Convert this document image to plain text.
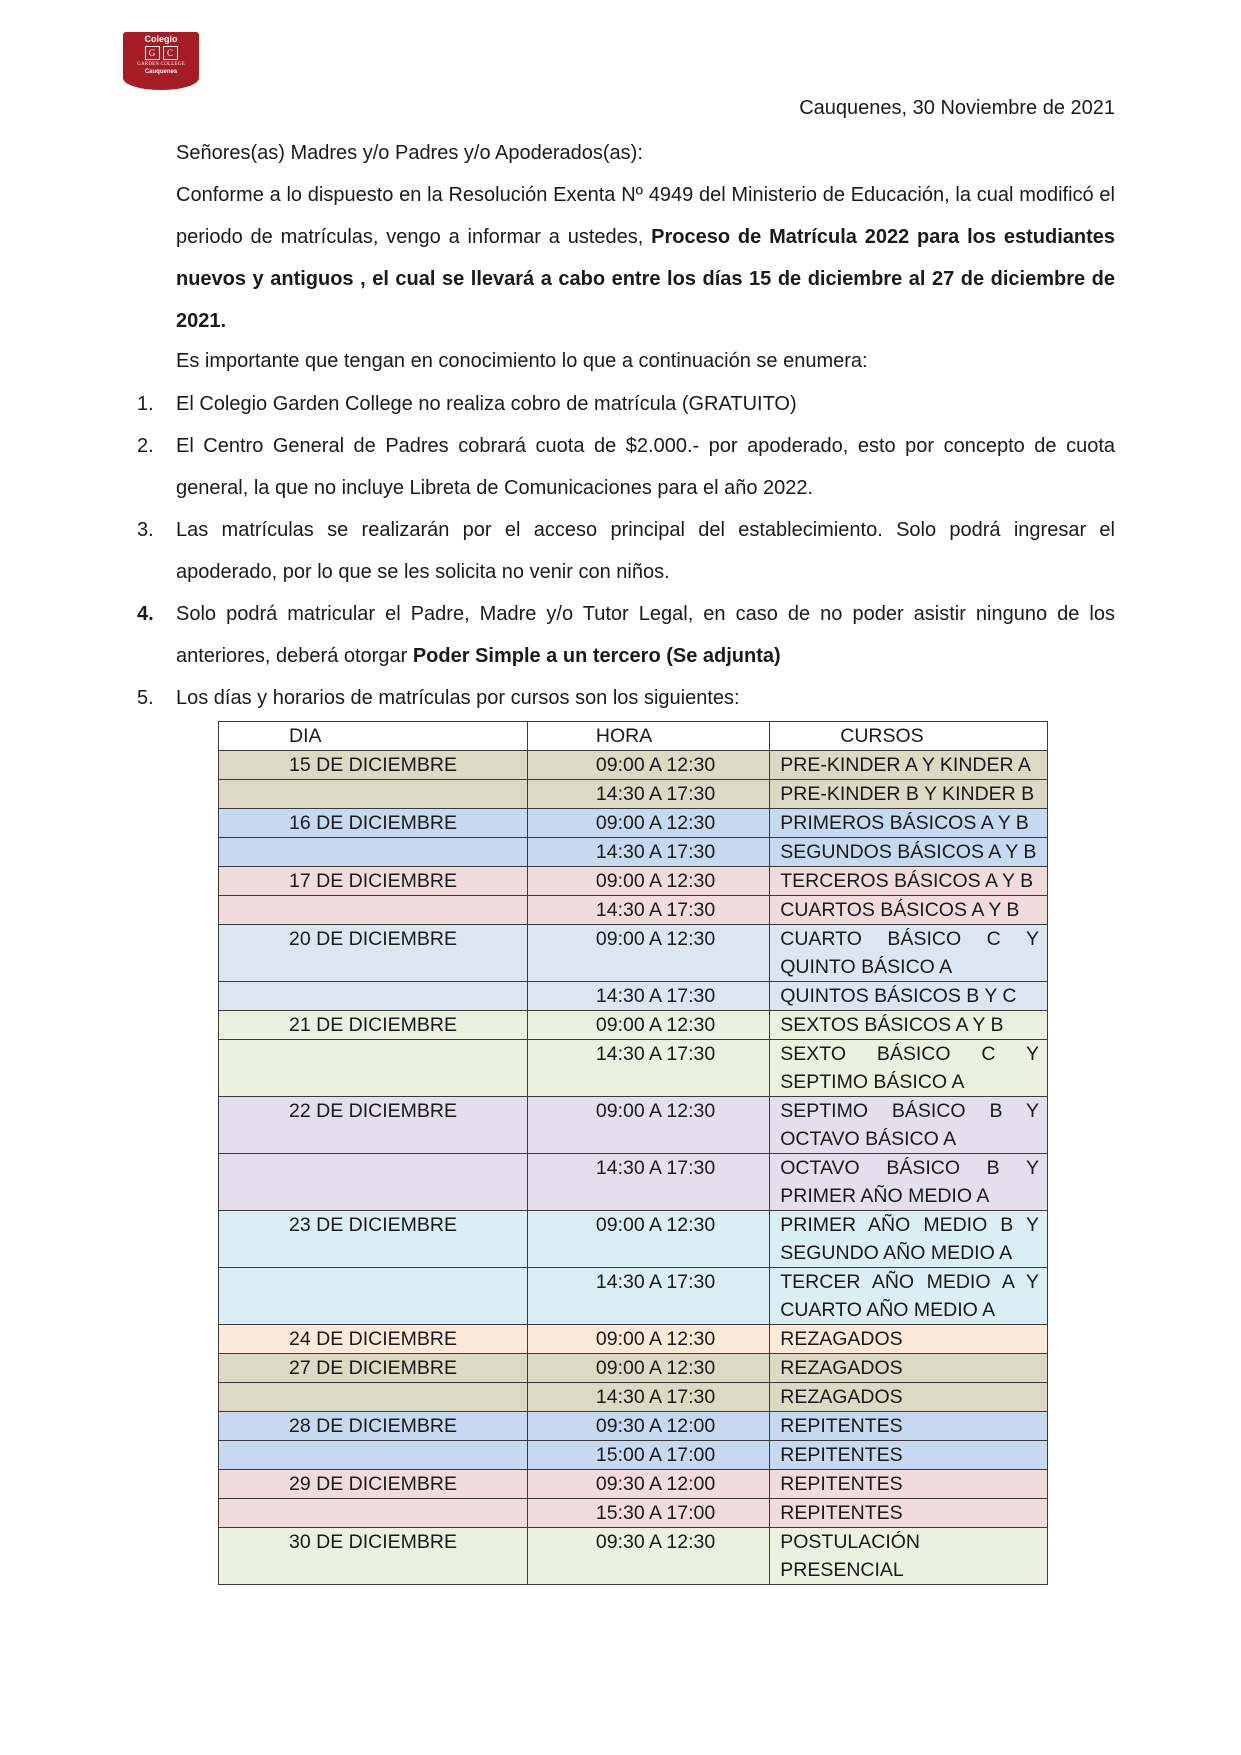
Colegio
G	C
GARDEN COLLEGE
Cauquenes
Cauquenes, 30 Noviembre de 2021
Señores(as) Madres y/o Padres y/o Apoderados(as):
Conforme a lo dispuesto en la Resolución Exenta Nº 4949 del Ministerio de Educación, la cual modificó el periodo de matrículas, vengo a informar a ustedes, Proceso de Matrícula 2022 para los estudiantes nuevos y antiguos , el cual se llevará a cabo entre los días 15 de diciembre al 27 de diciembre de 2021.
Es importante que tengan en conocimiento lo que a continuación se enumera:
1. El Colegio Garden College no realiza cobro de matrícula (GRATUITO)
2. El Centro General de Padres cobrará cuota de $2.000.- por apoderado, esto por concepto de cuota general, la que no incluye Libreta de Comunicaciones para el año 2022.
3. Las matrículas se realizarán por el acceso principal del establecimiento. Solo podrá ingresar el apoderado, por lo que se les solicita no venir con niños.
4. Solo podrá matricular el Padre, Madre y/o Tutor Legal, en caso de no poder asistir ninguno de los anteriores, deberá otorgar Poder Simple a un tercero (Se adjunta)
5. Los días y horarios de matrículas por cursos son los siguientes:
DIA	HORA	CURSOS
15 DE DICIEMBRE	09:00 A 12:30	PRE-KINDER A Y KINDER A
	14:30 A 17:30	PRE-KINDER B Y KINDER B
16 DE DICIEMBRE	09:00 A 12:30	PRIMEROS BÁSICOS A Y B
	14:30 A 17:30	SEGUNDOS BÁSICOS A Y B
17 DE DICIEMBRE	09:00 A 12:30	TERCEROS BÁSICOS A Y B
	14:30 A 17:30	CUARTOS BÁSICOS A Y B
20 DE DICIEMBRE	09:00 A 12:30	CUARTO BÁSICO C Y QUINTO BÁSICO A
	14:30 A 17:30	QUINTOS BÁSICOS B Y C
21 DE DICIEMBRE	09:00 A 12:30	SEXTOS BÁSICOS A Y B
	14:30 A 17:30	SEXTO BÁSICO C Y SEPTIMO BÁSICO A
22 DE DICIEMBRE	09:00 A 12:30	SEPTIMO BÁSICO B Y OCTAVO BÁSICO A
	14:30 A 17:30	OCTAVO BÁSICO B Y PRIMER AÑO MEDIO A
23 DE DICIEMBRE	09:00 A 12:30	PRIMER AÑO MEDIO B Y SEGUNDO AÑO MEDIO A
	14:30 A 17:30	TERCER AÑO MEDIO A Y CUARTO AÑO MEDIO A
24 DE DICIEMBRE	09:00 A 12:30	REZAGADOS
27 DE DICIEMBRE	09:00 A 12:30	REZAGADOS
	14:30 A 17:30	REZAGADOS
28 DE DICIEMBRE	09:30 A 12:00	REPITENTES
	15:00 A 17:00	REPITENTES
29 DE DICIEMBRE	09:30 A 12:00	REPITENTES
	15:30 A 17:00	REPITENTES
30 DE DICIEMBRE	09:30 A 12:30	POSTULACIÓN PRESENCIAL
